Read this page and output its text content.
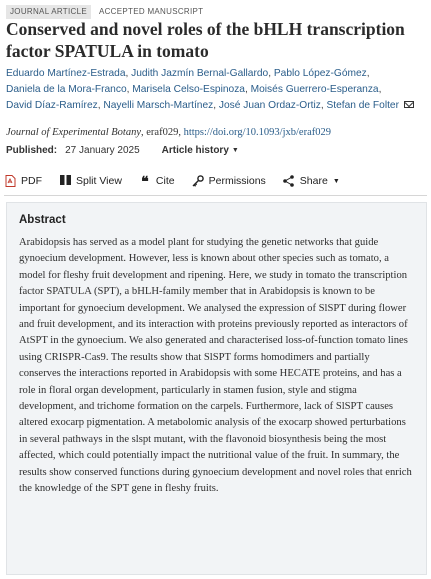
JOURNAL ARTICLE	ACCEPTED MANUSCRIPT
Conserved and novel roles of the bHLH transcription factor SPATULA in tomato
Eduardo Martínez-Estrada, Judith Jazmín Bernal-Gallardo, Pablo López-Gómez,
Daniela de la Mora-Franco, Marisela Celso-Espinoza, Moisés Guerrero-Esperanza,
David Díaz-Ramírez, Nayelli Marsch-Martínez, José Juan Ordaz-Ortiz, Stefan de Folter
Journal of Experimental Botany, eraf029, https://doi.org/10.1093/jxb/eraf029
Published: 27 January 2025 Article history ▼
PDF	Split View ❝ Cite	Permissions	Share ▼
Abstract

Arabidopsis has served as a model plant for studying the genetic networks that guide gynoecium development. However, less is known about other species such as tomato, a model for fleshy fruit development and ripening. Here, we study in tomato the transcription factor SPATULA (SPT), a bHLH-family member that in Arabidopsis is known to be important for gynoecium development. We analysed the expression of SlSPT during flower and fruit development, and its interaction with proteins previously reported as interactors of AtSPT in the gynoecium. We also generated and characterised loss-of-function tomato lines using CRISPR-Cas9. The results show that SlSPT forms homodimers and partially conserves the interactions reported in Arabidopsis with some HECATE proteins, and has a role in floral organ development, particularly in stamen fusion, style and stigma development, and trichome formation on the carpels. Furthermore, lack of SlSPT causes altered exocarp pigmentation. A metabolomic analysis of the exocarp showed perturbations in several pathways in the slspt mutant, with the flavonoid biosynthesis being the most affected, which could potentially impact the nutritional value of the fruit. In summary, the results show conserved functions during gynoecium development and novel roles that enrich the knowledge of the SPT gene in fleshy fruits.
